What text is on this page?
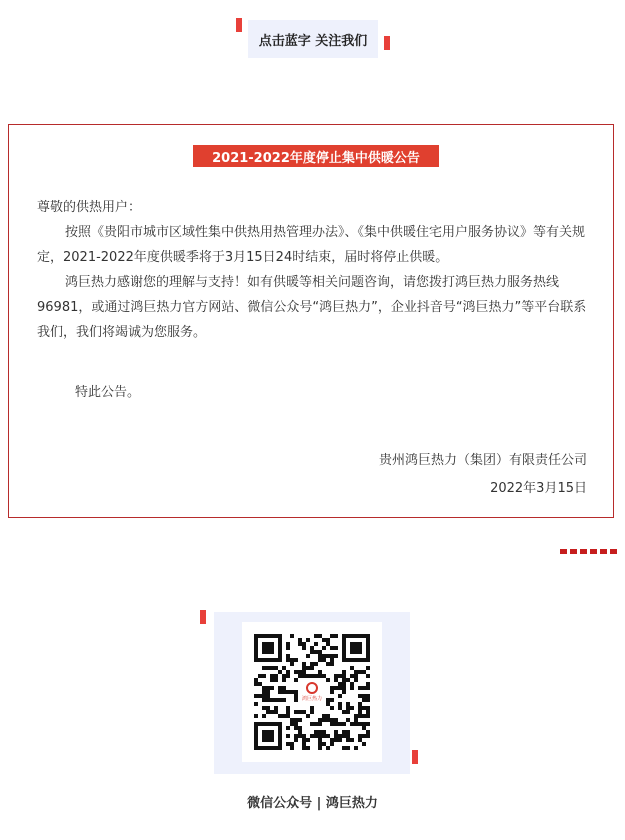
点击蓝字 关注我们
2021-2022年度停止集中供暖公告

尊敬的供热用户：

按照《贵阳市城市区域性集中供热用热管理办法》、《集中供暖住宅用户服务协议》等有关规定，2021-2022年度供暖季将于3月15日24时结束，届时将停止供暖。

鸿巨热力感谢您的理解与支持！如有供暖等相关问题咨询，请您拨打鸿巨热力服务热线96981，或通过鸿巨热力官方网站、微信公众号“鸿巨热力”，企业抖音号“鸿巨热力”等平台联系我们，我们将竭诚为您服务。

特此公告。

贵州鸿巨热力（集团）有限责任公司
2022年3月15日
鸿巨热力
微信公众号 | 鸿巨热力
